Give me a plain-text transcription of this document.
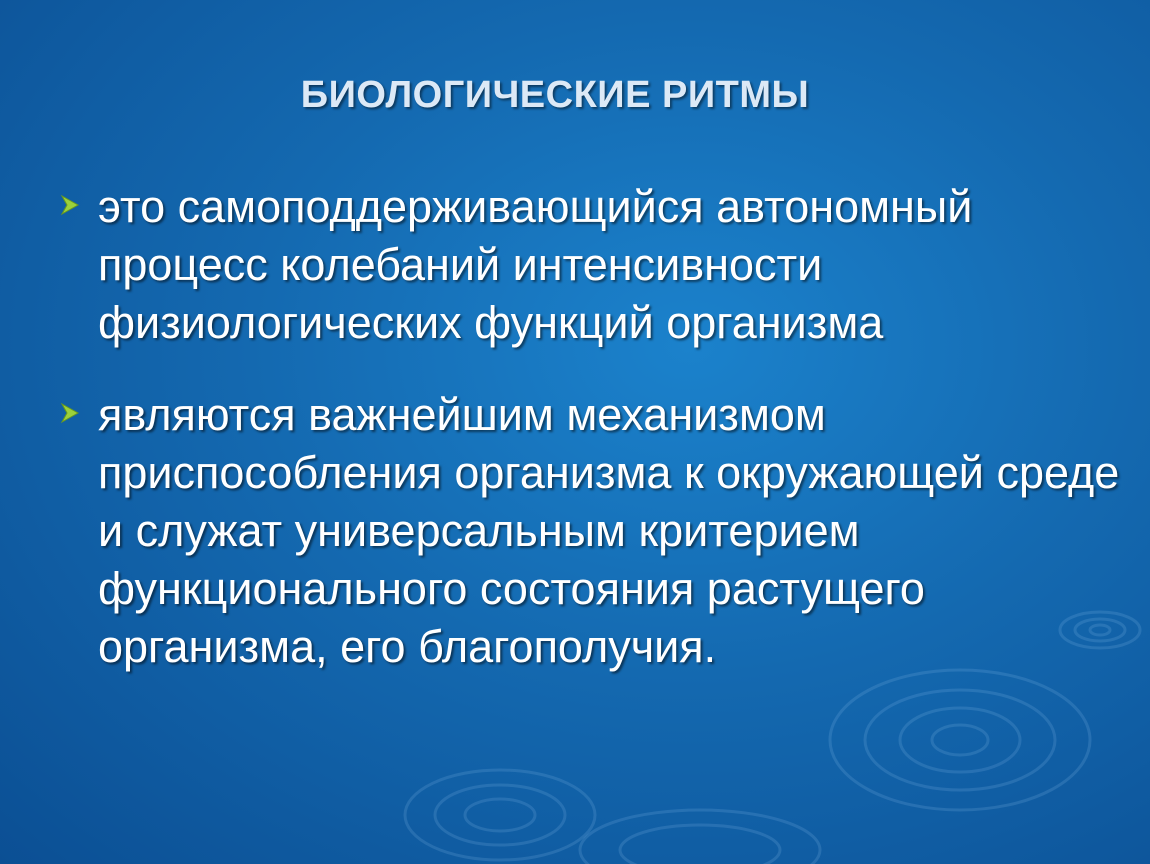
БИОЛОГИЧЕСКИЕ РИТМЫ
это самоподдерживающийся автономный процесс колебаний интенсивности физиологических функций организма
являются важнейшим механизмом приспособления организма к окружающей среде и служат универсальным критерием функционального состояния растущего организма, его благополучия.
